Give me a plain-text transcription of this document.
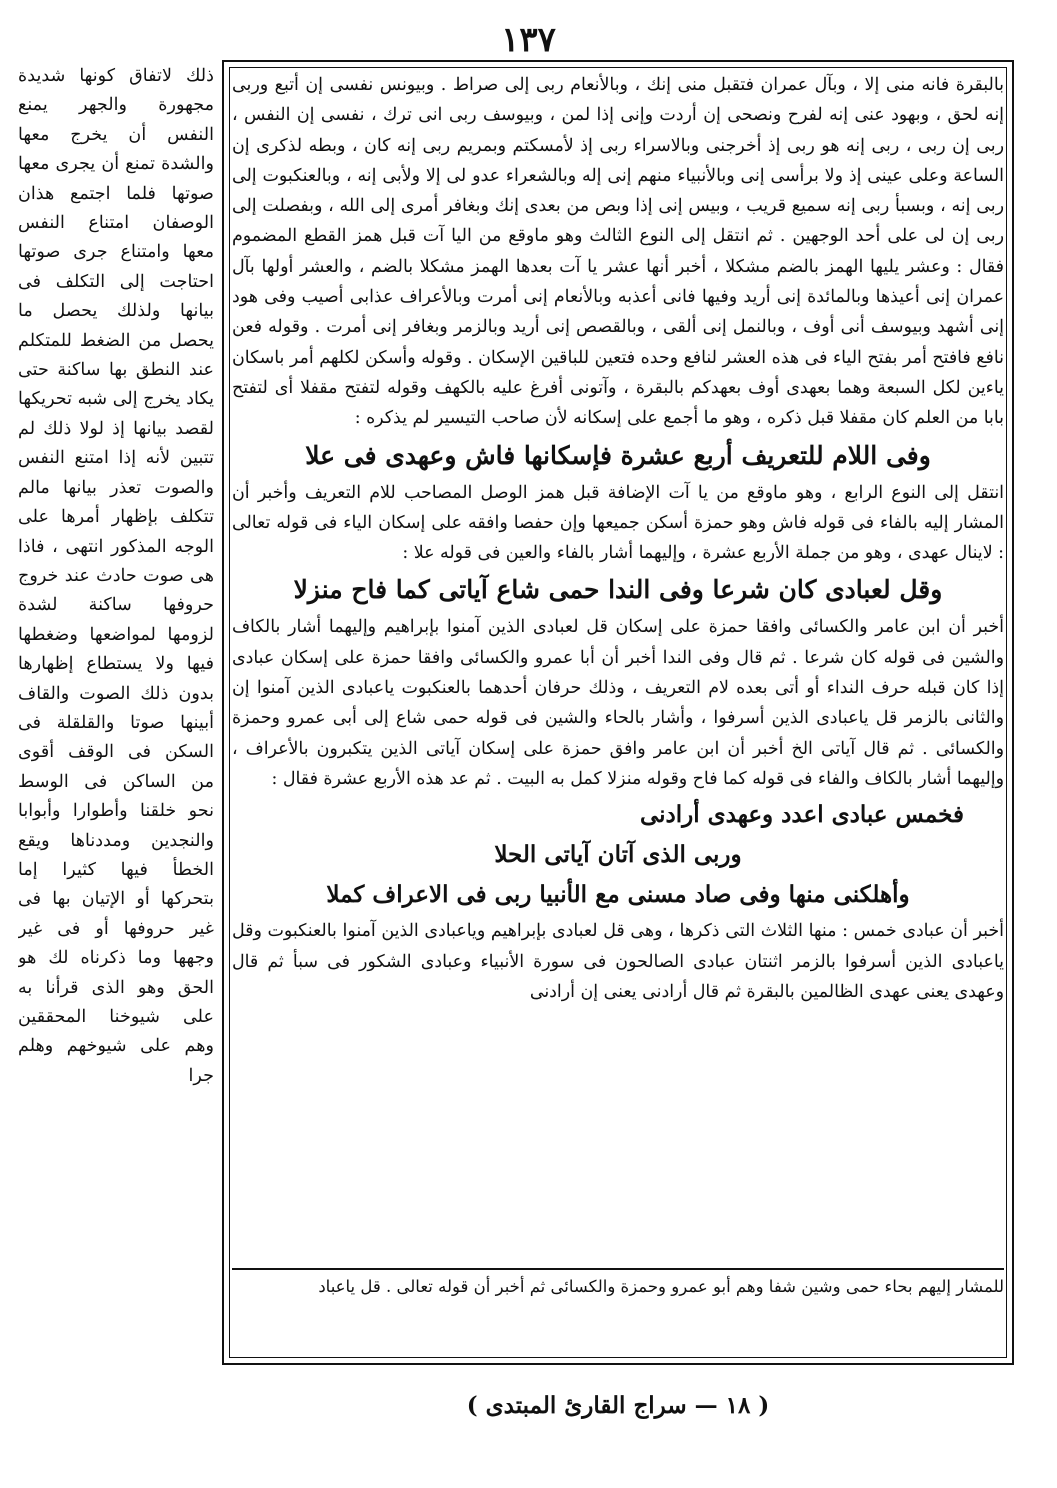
١٣٧

ذلك لاتفاق كونها شديدة مجهورة والجهر يمنع النفس أن يخرج معها والشدة تمنع أن يجرى معها صوتها فلما اجتمع هذان الوصفان امتناع النفس معها وامتناع جرى صوتها احتاجت إلى التكلف فى بيانها ولذلك يحصل ما يحصل من الضغط للمتكلم عند النطق بها ساكنة حتى يكاد يخرج إلى شبه تحريكها لقصد بيانها إذ لولا ذلك لم تتبين لأنه إذا امتنع النفس والصوت تعذر بيانها مالم تتكلف بإظهار أمرها على الوجه المذكور انتهى ، فاذا هى صوت حادث عند خروج حروفها ساكنة لشدة لزومها لمواضعها وضغطها فيها ولا يستطاع إظهارها بدون ذلك الصوت والقاف أبينها صوتا والقلقلة فى السكن فى الوقف أقوى من الساكن فى الوسط نحو خلقنا وأطوارا وأبوابا والنجدين ومددناها ويقع الخطأ فيها كثيرا إما بتحركها أو الإتيان بها فى غير حروفها أو فى غير وجهها وما ذكرناه لك هو الحق وهو الذى قرأنا به على شيوخنا المحققين وهم على شيوخهم وهلم جرا

بالبقرة فانه منى إلا ، وبآل عمران فتقبل منى إنك ، وبالأنعام ربى إلى صراط . وبيونس نفسى إن أتبع وربى إنه لحق ، وبهود عنى إنه لفرح ونصحى إن أردت وإنى إذا لمن ، وبيوسف ربى انى ترك ، نفسى إن النفس ، ربى إن ربى ، ربى إنه هو ربى إذ أخرجنى وبالاسراء ربى إذ لأمسكتم وبمريم ربى إنه كان ، وبطه لذكرى إن الساعة وعلى عينى إذ ولا برأسى إنى وبالأنبياء منهم إنى إله وبالشعراء عدو لى إلا ولأبى إنه ، وبالعنكبوت إلى ربى إنه ، وبسبأ ربى إنه سميع قريب ، وبيس إنى إذا وبص من بعدى إنك وبغافر أمرى إلى الله ، وبفصلت إلى ربى إن لى على أحد الوجهين . ثم انتقل إلى النوع الثالث وهو ماوقع من اليا آت قبل همز القطع المضموم فقال : وعشر يليها الهمز بالضم مشكلا ، أخبر أنها عشر يا آت بعدها الهمز مشكلا بالضم ، والعشر أولها بآل عمران إنى أعيذها وبالمائدة إنى أريد وفيها فانى أعذبه وبالأنعام إنى أمرت وبالأعراف عذابى أصيب وفى هود إنى أشهد وبيوسف أنى أوف ، وبالنمل إنى ألقى ، وبالقصص إنى أريد وبالزمر وبغافر إنى أمرت . وقوله فعن نافع فافتح أمر بفتح الياء فى هذه العشر لنافع وحده فتعين للباقين الإسكان . وقوله وأسكن لكلهم أمر باسكان ياءين لكل السبعة وهما بعهدى أوف بعهدكم بالبقرة ، وآتونى أفرغ عليه بالكهف وقوله لتفتح مقفلا أى لتفتح بابا من العلم كان مقفلا قبل ذكره ، وهو ما أجمع على إسكانه لأن صاحب التيسير لم يذكره :

وفى اللام للتعريف أربع عشرة فإسكانها فاش وعهدى فى علا

انتقل إلى النوع الرابع ، وهو ماوقع من يا آت الإضافة قبل همز الوصل المصاحب للام التعريف وأخبر أن المشار إليه بالفاء فى قوله فاش وهو حمزة أسكن جميعها وإن حفصا وافقه على إسكان الياء فى قوله تعالى : لاينال عهدى ، وهو من جملة الأربع عشرة ، وإليهما أشار بالفاء والعين فى قوله علا :

وقل لعبادى كان شرعا وفى الندا حمى شاع آياتى كما فاح منزلا

أخبر أن ابن عامر والكسائى وافقا حمزة على إسكان قل لعبادى الذين آمنوا بإبراهيم وإليهما أشار بالكاف والشين فى قوله كان شرعا . ثم قال وفى الندا أخبر أن أبا عمرو والكسائى وافقا حمزة على إسكان عبادى إذا كان قبله حرف النداء أو أتى بعده لام التعريف ، وذلك حرفان أحدهما بالعنكبوت ياعبادى الذين آمنوا إن والثانى بالزمر قل ياعبادى الذين أسرفوا ، وأشار بالحاء والشين فى قوله حمى شاع إلى أبى عمرو وحمزة والكسائى . ثم قال آياتى الخ أخبر أن ابن عامر وافق حمزة على إسكان آياتى الذين يتكبرون بالأعراف ، وإليهما أشار بالكاف والفاء فى قوله كما فاح وقوله منزلا كمل به البيت . ثم عد هذه الأربع عشرة فقال :

فخمس عبادى اعدد وعهدى أرادنى

وربى الذى آتان آياتى الحلا

وأهلكنى منها وفى صاد مسنى مع الأنبيا ربى فى الاعراف كملا

أخبر أن عبادى خمس : منها الثلاث التى ذكرها ، وهى قل لعبادى بإبراهيم وياعبادى الذين آمنوا بالعنكبوت وقل ياعبادى الذين أسرفوا بالزمر اثنتان عبادى الصالحون فى سورة الأنبياء وعبادى الشكور فى سبأ ثم قال وعهدى يعنى عهدى الظالمين بالبقرة ثم قال أرادنى يعنى إن أرادنى

للمشار إليهم بحاء حمى وشين شفا وهم أبو عمرو وحمزة والكسائى ثم أخبر أن قوله تعالى . قل ياعباد
( ١٨ — سراج القارئ المبتدى )
